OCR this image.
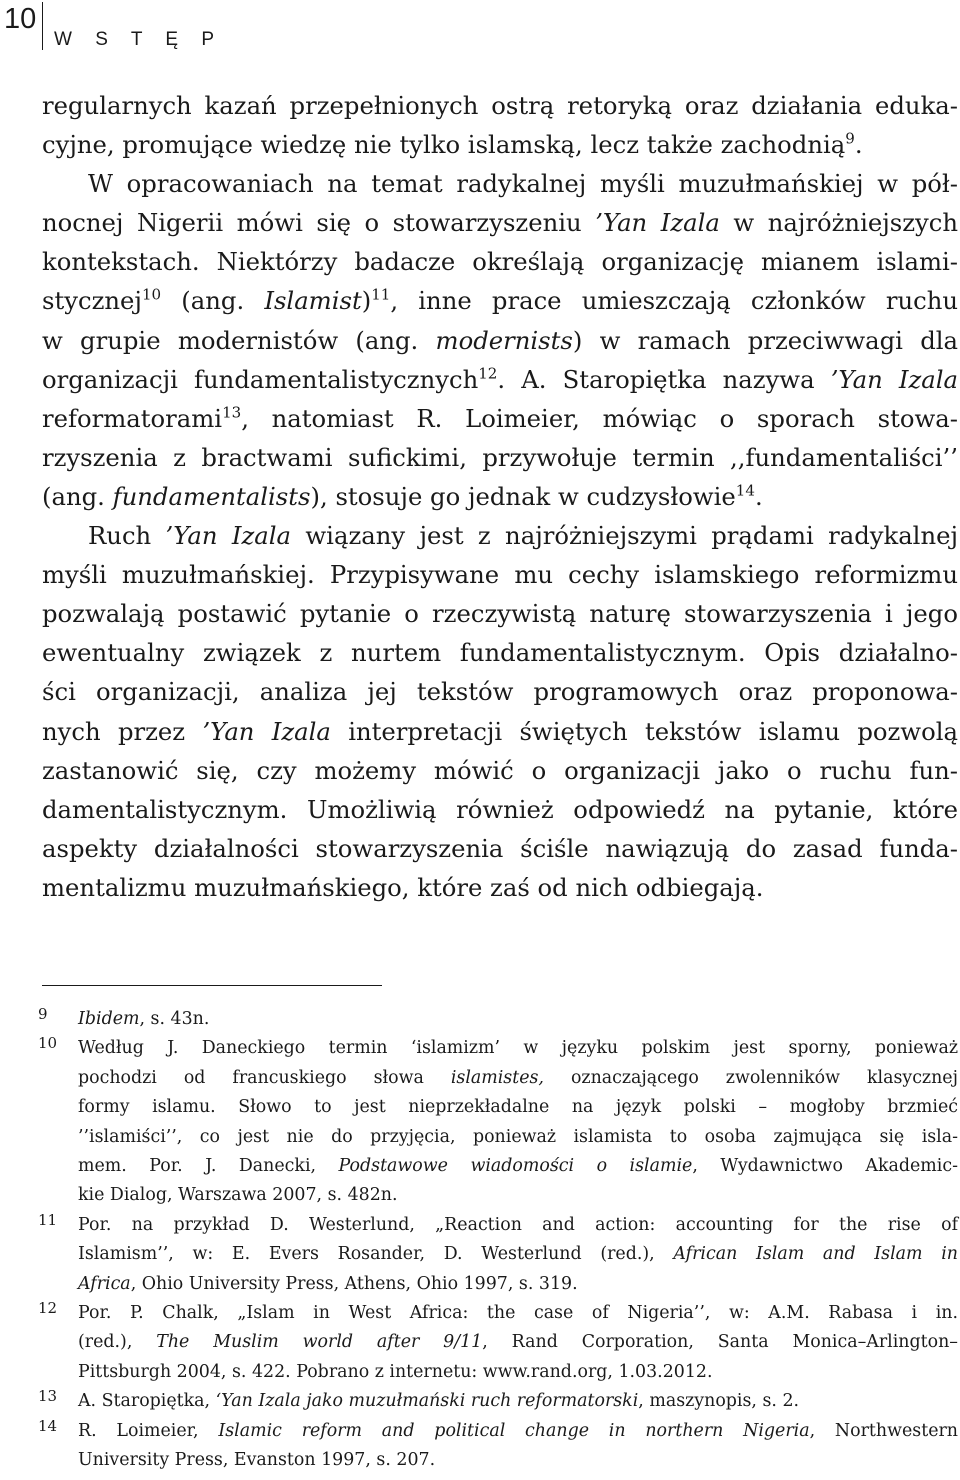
10
W S T Ę P
regularnych kazań przepełnionych ostrą retoryką oraz działania eduka-
cyjne, promujące wiedzę nie tylko islamską, lecz także zachodnią$^9$.
W opracowaniach na temat radykalnej myśli muzułmańskiej w pół-
nocnej Nigerii mówi się o stowarzyszeniu ’Yan Izala w najróżniejszych
kontekstach. Niektórzy badacze określają organizację mianem islami-
stycznej$^{10}$ (ang. Islamist)$^{11}$, inne prace umieszczają członków ruchu
w grupie modernistów (ang. modernists) w ramach przeciwwagi dla
organizacji fundamentalistycznych$^{12}$. A. Staropiętka nazywa ’Yan Izala
reformatorami$^{13}$, natomiast R. Loimeier, mówiąc o sporach stowa-
rzyszenia z bractwami sufickimi, przywołuje termin ,,fundamentaliści’’
(ang. fundamentalists), stosuje go jednak w cudzysłowie$^{14}$.
Ruch ’Yan Izala wiązany jest z najróżniejszymi prądami radykalnej
myśli muzułmańskiej. Przypisywane mu cechy islamskiego reformizmu
pozwalają postawić pytanie o rzeczywistą naturę stowarzyszenia i jego
ewentualny związek z nurtem fundamentalistycznym. Opis działalno-
ści organizacji, analiza jej tekstów programowych oraz proponowa-
nych przez ’Yan Izala interpretacji świętych tekstów islamu pozwolą
zastanowić się, czy możemy mówić o organizacji jako o ruchu fun-
damentalistycznym. Umożliwią również odpowiedź na pytanie, które
aspekty działalności stowarzyszenia ściśle nawiązują do zasad funda-
mentalizmu muzułmańskiego, które zaś od nich odbiegają.
9 Ibidem, s. 43n.
10 Według J. Daneckiego termin ‘islamizm’ w języku polskim jest sporny, ponieważ
pochodzi od francuskiego słowa islamistes, oznaczającego zwolenników klasycznej
formy islamu. Słowo to jest nieprzekładalne na język polski – mogłoby brzmieć
’’islamiści’’, co jest nie do przyjęcia, ponieważ islamista to osoba zajmująca się isla-
mem. Por. J. Danecki, Podstawowe wiadomości o islamie, Wydawnictwo Akademic-
kie Dialog, Warszawa 2007, s. 482n.
11 Por. na przykład D. Westerlund, „Reaction and action: accounting for the rise of
Islamism’’, w: E. Evers Rosander, D. Westerlund (red.), African Islam and Islam in
Africa, Ohio University Press, Athens, Ohio 1997, s. 319.
12 Por. P. Chalk, „Islam in West Africa: the case of Nigeria’’, w: A.M. Rabasa i in.
(red.), The Muslim world after 9/11, Rand Corporation, Santa Monica–Arlington–
Pittsburgh 2004, s. 422. Pobrano z internetu: www.rand.org, 1.03.2012.
13 A. Staropiętka, ‘Yan Izala jako muzułmański ruch reformatorski, maszynopis, s. 2.
14 R. Loimeier, Islamic reform and political change in northern Nigeria, Northwestern
University Press, Evanston 1997, s. 207.
